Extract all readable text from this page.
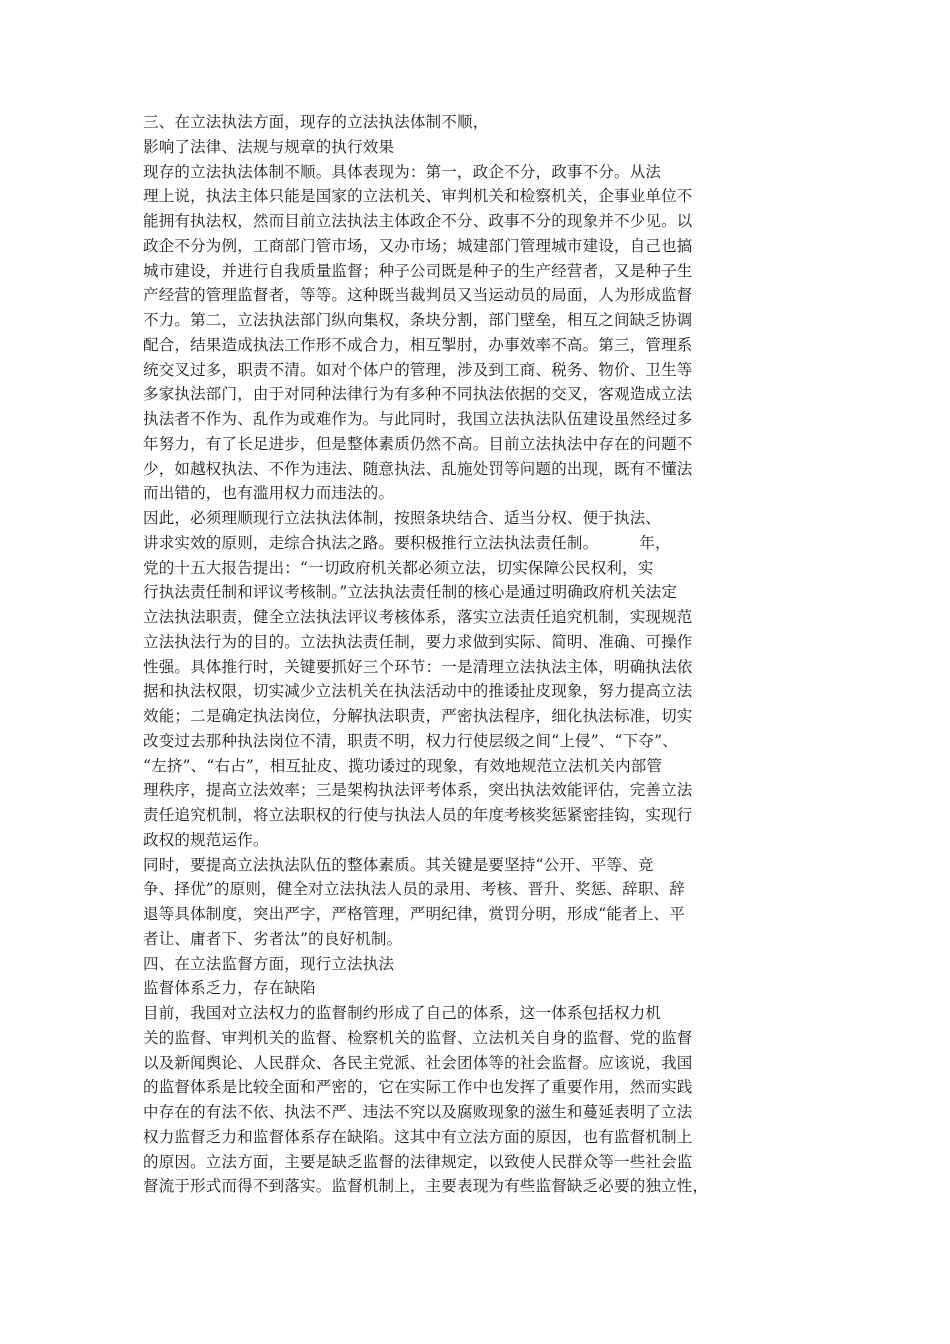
三、在立法执法方面，现存的立法执法体制不顺，
影响了法律、法规与规章的执行效果
现存的立法执法体制不顺。具体表现为：第一，政企不分，政事不分。从法
理上说，执法主体只能是国家的立法机关、审判机关和检察机关，企事业单位不
能拥有执法权，然而目前立法执法主体政企不分、政事不分的现象并不少见。以
政企不分为例，工商部门管市场，又办市场；城建部门管理城市建设，自己也搞
城市建设，并进行自我质量监督；种子公司既是种子的生产经营者，又是种子生
产经营的管理监督者，等等。这种既当裁判员又当运动员的局面，人为形成监督
不力。第二，立法执法部门纵向集权，条块分割，部门壁垒，相互之间缺乏协调
配合，结果造成执法工作形不成合力，相互掣肘，办事效率不高。第三，管理系
统交叉过多，职责不清。如对个体户的管理，涉及到工商、税务、物价、卫生等
多家执法部门，由于对同种法律行为有多种不同执法依据的交叉，客观造成立法
执法者不作为、乱作为或难作为。与此同时，我国立法执法队伍建设虽然经过多
年努力，有了长足进步，但是整体素质仍然不高。目前立法执法中存在的问题不
少，如越权执法、不作为违法、随意执法、乱施处罚等问题的出现，既有不懂法
而出错的，也有滥用权力而违法的。
因此，必须理顺现行立法执法体制，按照条块结合、适当分权、便于执法、
讲求实效的原则，走综合执法之路。要积极推行立法执法责任制。        年，
党的十五大报告提出：“一切政府机关都必须立法，切实保障公民权利，实
行执法责任制和评议考核制。”立法执法责任制的核心是通过明确政府机关法定
立法执法职责，健全立法执法评议考核体系，落实立法责任追究机制，实现规范
立法执法行为的目的。立法执法责任制，要力求做到实际、简明、准确、可操作
性强。具体推行时，关键要抓好三个环节：一是清理立法执法主体，明确执法依
据和执法权限，切实减少立法机关在执法活动中的推诿扯皮现象，努力提高立法
效能；二是确定执法岗位，分解执法职责，严密执法程序，细化执法标准，切实
改变过去那种执法岗位不清，职责不明，权力行使层级之间“上侵”、“下夺”、
“左挤”、“右占”，相互扯皮、揽功诿过的现象，有效地规范立法机关内部管
理秩序，提高立法效率；三是架构执法评考体系，突出执法效能评估，完善立法
责任追究机制，将立法职权的行使与执法人员的年度考核奖惩紧密挂钩，实现行
政权的规范运作。
同时，要提高立法执法队伍的整体素质。其关键是要坚持“公开、平等、竞
争、择优”的原则，健全对立法执法人员的录用、考核、晋升、奖惩、辞职、辞
退等具体制度，突出严字，严格管理，严明纪律，赏罚分明，形成“能者上、平
者让、庸者下、劣者汰”的良好机制。
四、在立法监督方面，现行立法执法
监督体系乏力，存在缺陷
目前，我国对立法权力的监督制约形成了自己的体系，这一体系包括权力机
关的监督、审判机关的监督、检察机关的监督、立法机关自身的监督、党的监督
以及新闻舆论、人民群众、各民主党派、社会团体等的社会监督。应该说，我国
的监督体系是比较全面和严密的，它在实际工作中也发挥了重要作用，然而实践
中存在的有法不依、执法不严、违法不究以及腐败现象的滋生和蔓延表明了立法
权力监督乏力和监督体系存在缺陷。这其中有立法方面的原因，也有监督机制上
的原因。立法方面，主要是缺乏监督的法律规定，以致使人民群众等一些社会监
督流于形式而得不到落实。监督机制上，主要表现为有些监督缺乏必要的独立性，
